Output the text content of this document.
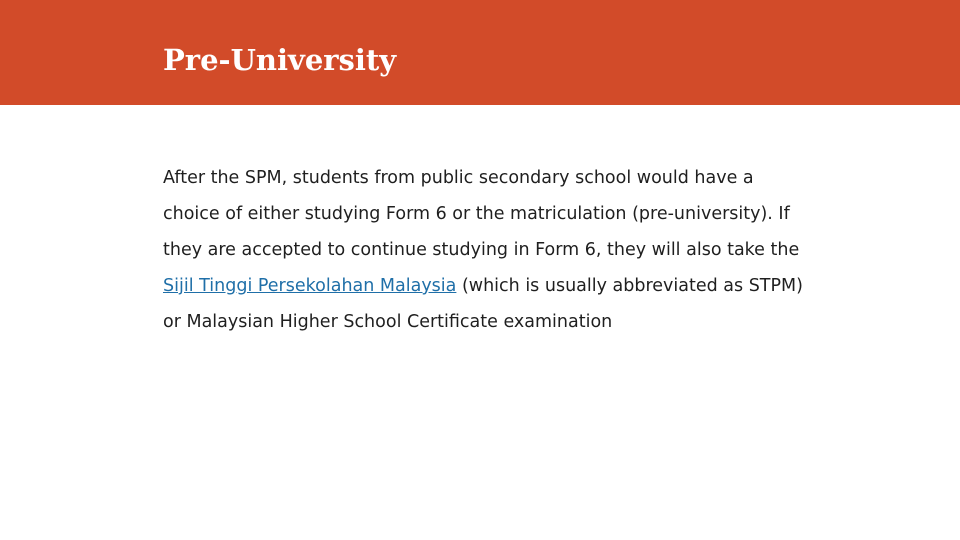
Pre-University

After the SPM, students from public secondary school would have a
choice of either studying Form 6 or the matriculation (pre-university). If
they are accepted to continue studying in Form 6, they will also take the
Sijil Tinggi Persekolahan Malaysia (which is usually abbreviated as STPM)
or Malaysian Higher School Certificate examination
